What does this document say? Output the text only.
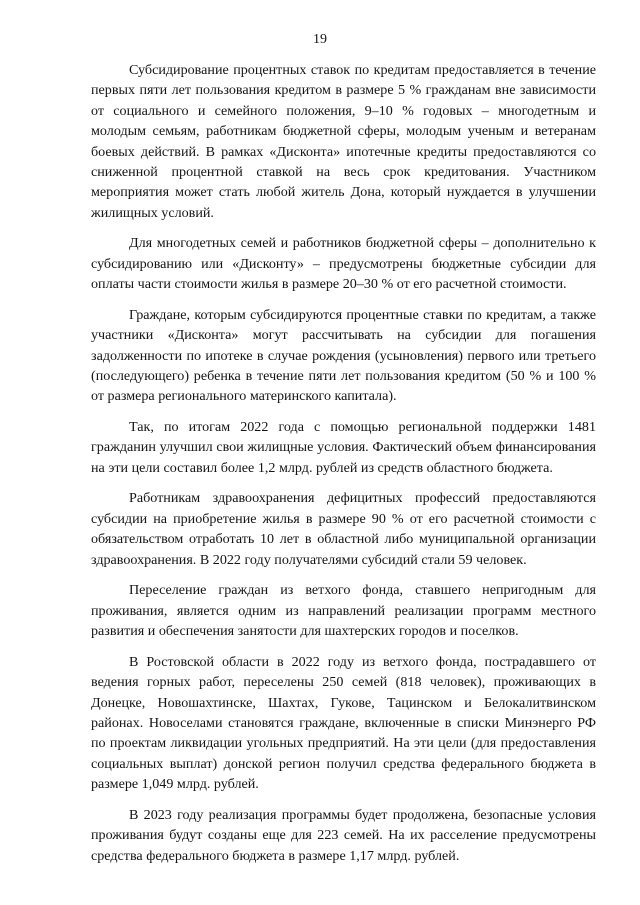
19

Субсидирование процентных ставок по кредитам предоставляется в течение первых пяти лет пользования кредитом в размере 5 % гражданам вне зависимости от социального и семейного положения, 9–10 % годовых – многодетным и молодым семьям, работникам бюджетной сферы, молодым ученым и ветеранам боевых действий. В рамках «Дисконта» ипотечные кредиты предоставляются со сниженной процентной ставкой на весь срок кредитования. Участником мероприятия может стать любой житель Дона, который нуждается в улучшении жилищных условий.

Для многодетных семей и работников бюджетной сферы – дополнительно к субсидированию или «Дисконту» – предусмотрены бюджетные субсидии для оплаты части стоимости жилья в размере 20–30 % от его расчетной стоимости.

Граждане, которым субсидируются процентные ставки по кредитам, а также участники «Дисконта» могут рассчитывать на субсидии для погашения задолженности по ипотеке в случае рождения (усыновления) первого или третьего (последующего) ребенка в течение пяти лет пользования кредитом (50 % и 100 % от размера регионального материнского капитала).

Так, по итогам 2022 года с помощью региональной поддержки 1481 гражданин улучшил свои жилищные условия. Фактический объем финансирования на эти цели составил более 1,2 млрд. рублей из средств областного бюджета.

Работникам здравоохранения дефицитных профессий предоставляются субсидии на приобретение жилья в размере 90 % от его расчетной стоимости с обязательством отработать 10 лет в областной либо муниципальной организации здравоохранения. В 2022 году получателями субсидий стали 59 человек.

Переселение граждан из ветхого фонда, ставшего непригодным для проживания, является одним из направлений реализации программ местного развития и обеспечения занятости для шахтерских городов и поселков.

В Ростовской области в 2022 году из ветхого фонда, пострадавшего от ведения горных работ, переселены 250 семей (818 человек), проживающих в Донецке, Новошахтинске, Шахтах, Гукове, Тацинском и Белокалитвинском районах. Новоселами становятся граждане, включенные в списки Минэнерго РФ по проектам ликвидации угольных предприятий. На эти цели (для предоставления социальных выплат) донской регион получил средства федерального бюджета в размере 1,049 млрд. рублей.

В 2023 году реализация программы будет продолжена, безопасные условия проживания будут созданы еще для 223 семей. На их расселение предусмотрены средства федерального бюджета в размере 1,17 млрд. рублей.
